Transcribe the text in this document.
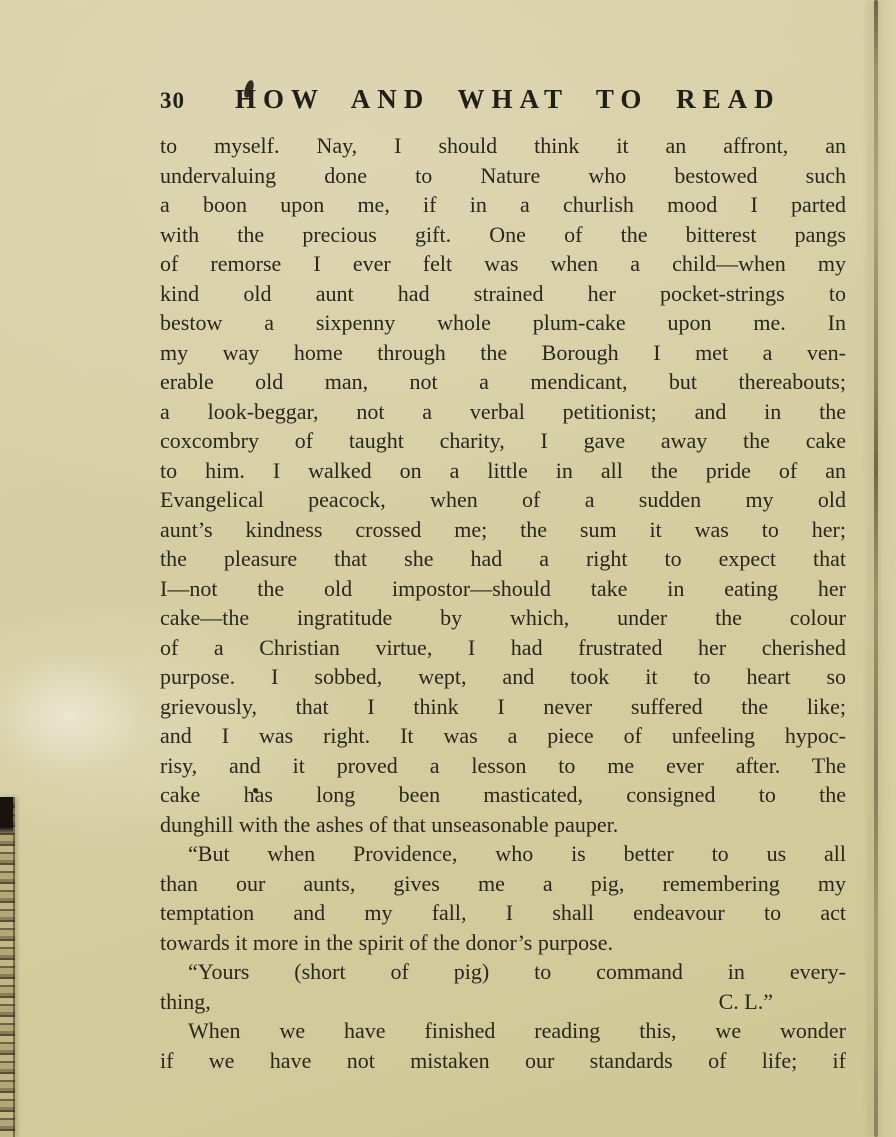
30 HOW AND WHAT TO READ
to myself. Nay, I should think it an affront, an
undervaluing done to Nature who bestowed such
a boon upon me, if in a churlish mood I parted
with the precious gift. One of the bitterest pangs
of remorse I ever felt was when a child—when my
kind old aunt had strained her pocket-strings to
bestow a sixpenny whole plum-cake upon me. In
my way home through the Borough I met a ven-
erable old man, not a mendicant, but thereabouts;
a look-beggar, not a verbal petitionist; and in the
coxcombry of taught charity, I gave away the cake
to him. I walked on a little in all the pride of an
Evangelical peacock, when of a sudden my old
aunt’s kindness crossed me; the sum it was to her;
the pleasure that she had a right to expect that
I—not the old impostor—should take in eating her
cake—the ingratitude by which, under the colour
of a Christian virtue, I had frustrated her cherished
purpose. I sobbed, wept, and took it to heart so
grievously, that I think I never suffered the like;
and I was right. It was a piece of unfeeling hypoc-
risy, and it proved a lesson to me ever after. The
cake has long been masticated, consigned to the
dunghill with the ashes of that unseasonable pauper.
“But when Providence, who is better to us all
than our aunts, gives me a pig, remembering my
temptation and my fall, I shall endeavour to act
towards it more in the spirit of the donor’s purpose.
“Yours (short of pig) to command in every-
thing,	C. L.”
When we have finished reading this, we wonder
if we have not mistaken our standards of life; if
